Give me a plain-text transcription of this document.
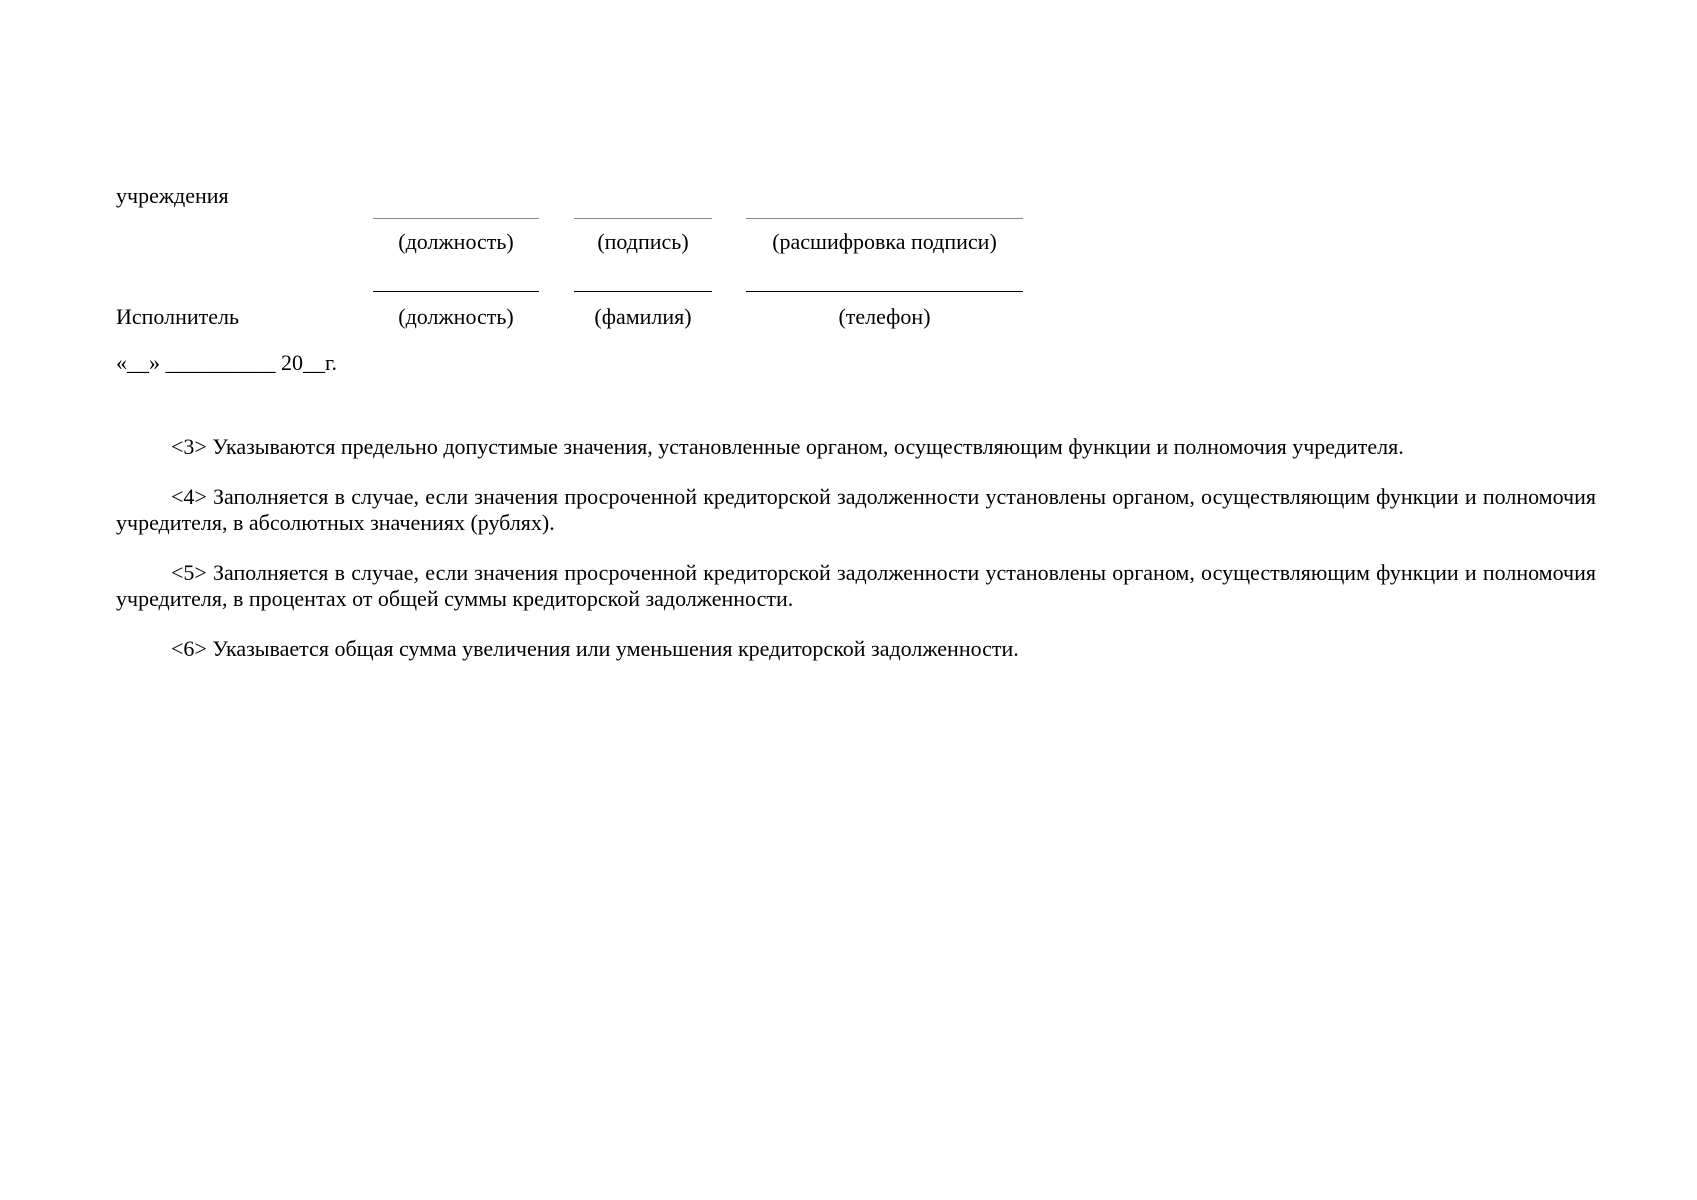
учреждения
(должность)	(подпись)	(расшифровка подписи)
Исполнитель	(должность)	(фамилия)	(телефон)
«__» __________ 20__г.

<3> Указываются предельно допустимые значения, установленные органом, осуществляющим функции и полномочия учредителя.

<4> Заполняется в случае, если значения просроченной кредиторской задолженности установлены органом, осуществляющим функции и полномочия учредителя, в абсолютных значениях (рублях).

<5> Заполняется в случае, если значения просроченной кредиторской задолженности установлены органом, осуществляющим функции и полномочия учредителя, в процентах от общей суммы кредиторской задолженности.

<6> Указывается общая сумма увеличения или уменьшения кредиторской задолженности.
